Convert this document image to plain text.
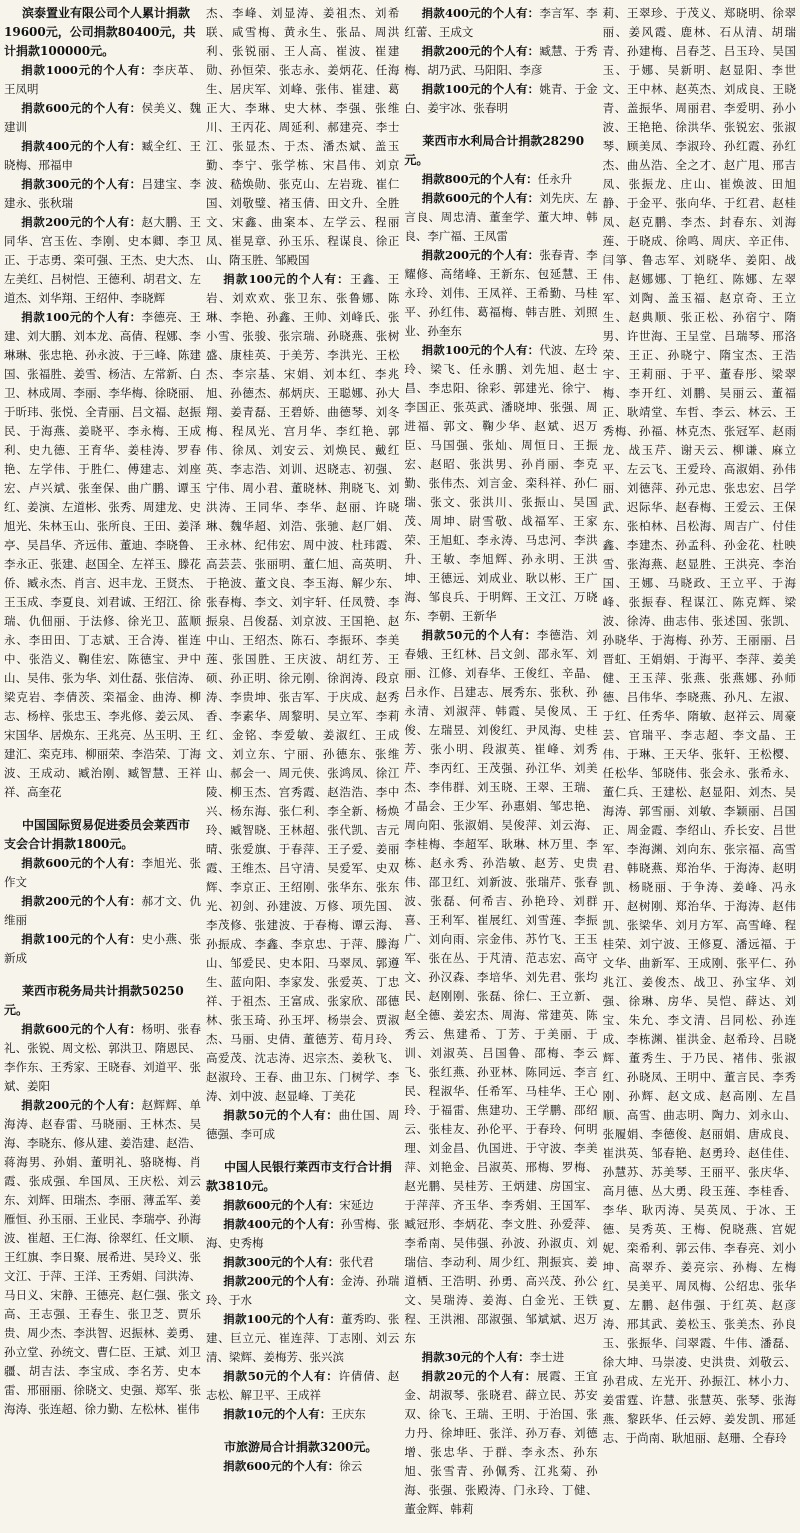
滨泰置业有限公司个人累计捐款19600元，公司捐款80400元，共计捐款100000元。

捐款1000元的个人有：李庆革、王凤明

捐款600元的个人有：侯美义、魏建训

捐款400元的个人有：臧全红、王晓梅、邢福申

捐款300元的个人有：吕建宝、李建永、张秋瑞

捐款200元的个人有：赵大鹏、王同华、宫玉佐、李刚、史本卿、李卫正、于志勇、栾可强、王杰、史大杰、左美红、吕树恺、王德利、胡君文、左道杰、刘华翔、王绍仲、李晓辉

捐款100元的个人有：李德亮、王建、刘大鹏、刘本龙、高倩、程娜、李琳琳、张忠艳、孙永波、于三峰、陈建国、张福胜、姜雪、杨洁、左常新、白卫、林成周、李丽、李华梅、徐晓丽、于昕玮、张悦、全青丽、吕文福、赵振民、于海燕、姜晓平、李永梅、王成利、史九德、王育华、姜桂涛、罗春艳、左学伟、于胜仁、傅建志、刘座宏、卢兴斌、张奎保、曲广鹏、谭玉红、姜演、左道彬、张秀、周建龙、史旭光、朱林玉山、张所良、王田、姜泽亭、吴昌华、齐远伟、董迪、李晓鲁、李永正、张建、赵国全、左祥玉、滕花侨、臧永杰、肖言、迟丰龙、王贤杰、王玉成、李夏良、刘君诚、王绍江、徐瑞、仇佃丽、于法修、徐光卫、蓝顺永、李田田、丁志斌、王合涛、崔连中、张浩义、鞠佳宏、陈德宝、尹中山、吴伟、张为华、刘仕磊、张信涛、梁克岩、李倩茨、栾福金、曲涛、柳志、杨梓、张忠玉、李兆修、姜云凤、宋国华、居焕东、王兆亮、丛玉明、王建汇、栾克玮、柳丽荣、李浩荣、丁海波、王成动、臧治刚、臧智慧、王祥祥、高奎花

中国国际贸易促进委员会莱西市支会合计捐款1800元。

捐款600元的个人有：李旭光、张作文

捐款200元的个人有：郝才文、仇维丽

捐款100元的个人有：史小燕、张新成

莱西市税务局共计捐款50250元。

捐款600元的个人有：杨明、张春礼、张锐、周文松、郭洪卫、隋恩民、李作东、王秀家、王晓春、刘道平、张斌、姜阳

捐款200元的个人有：赵辉辉、单海涛、赵春雷、马晓丽、王林杰、吴海、李晓东、修从建、姜浩建、赵浩、蒋海男、孙娟、董明礼、骆晓梅、肖霞、张成强、牟国凤、王庆松、刘云东、刘辉、田瑞杰、李丽、薄孟军、姜雁恒、孙玉丽、王业民、李瑞亭、孙海波、崔超、王仁海、徐翠红、任文顺、王红旗、李日聚、展希进、吴玲义、张文江、于萍、王洋、王秀娟、闫洪涛、马日义、宋静、王德亮、赵仁强、张文高、王志强、王春生、张卫芝、贾乐贵、周少杰、李洪智、迟振林、姜勇、孙立堂、孙统文、曹仁臣、王斌、刘卫疆、胡吉法、李宝成、李名芳、史本雷、邢丽丽、徐晓文、史强、郑军、张海涛、张连超、徐力勤、左松林、崔伟

杰、李峰、刘显涛、姜祖杰、刘希联、咸雪梅、黄永生、张品、周洪利、张锐丽、王人高、崔波、崔建勋、孙恒荣、张志永、姜炳花、任海生、居庆军、刘峰、张伟、崔建、葛正大、李琳、史大林、李强、张维川、王丙花、周延利、郝建亮、李士江、张显杰、于杰、潘杰斌、盖玉勤、李宁、张学栋、宋昌伟、刘京波、嵇焕勋、张克山、左岩珑、崔仁国、刘敬璧、褚玉倩、田文升、全胜文、宋鑫、曲案本、左学云、程丽凤、崔晃章、孙玉乐、程谋良、徐正山、隋玉胜、邹殿国

捐款100元的个人有：王鑫、王岩、刘欢欢、张卫东、张鲁娜、陈琳、李艳、孙鑫、王帅、刘峰氏、张小雪、张骏、张宗瑞、孙晓燕、张树盛、康桂英、于美芳、李洪光、王松杰、李宗基、宋娟、刘本红、李兆旭、孙德杰、郝炳庆、王聪娜、孙大翔、姜青磊、王碧娇、曲德琴、刘冬梅、程凤光、宫月华、李红艳、郭伟、徐凤、刘安云、刘焕民、戴红英、李志浩、刘训、迟晓志、初强、宁伟、周小君、董晓林、荆晓飞、刘洪涛、王同华、李华、赵丽、许晓琳、魏华超、刘浩、张驰、赵厂娟、王永林、纪伟宏、周中波、杜玮霞、高芸芸、张丽明、董仁旭、高英明、于艳波、董文良、李玉海、解少东、张春梅、李文、刘宇轩、任凤赞、李振泉、吕俊磊、刘京波、王国艳、赵中山、王绍杰、陈石、李振环、李美莲、张国胜、王庆波、胡红芳、王硕、孙正明、徐元刚、徐润涛、段京涛、李贵坤、张吉军、于庆成、赵秀香、李素华、周黎明、吴立军、李莉红、金铭、李爱敏、姜淑红、王成文、刘立东、宁丽、孙德东、张维山、郝会一、周元侠、张鸿凤、徐江陵、柳玉杰、宫秀霞、赵浩浩、李中兴、杨东海、张仁利、李全新、杨焕玲、臧智晓、王林超、张代凯、吉元晴、张爱旗、于春萍、王子爱、姜丽霞、王维杰、吕守清、吴爱军、史双辉、李京正、王绍刚、张华东、张东光、初剑、孙建波、万修、项先国、李茂修、张建波、于春梅、谭云海、孙振成、李鑫、李京忠、于萍、滕海山、邹爱民、史本阳、马翠凤、郭遵生、蓝向阳、李家发、张爱英、丁忠祥、于祖杰、王富成、张家欣、邵德林、张玉琦、孙玉坪、杨崇会、贾淑杰、马丽、史倩、董德芳、荀月玲、高爱茂、沈志涛、迟宗杰、姜秋飞、赵淑玲、王春、曲卫东、门树学、李涛、刘中波、赵显峰、丁美花

捐款50元的个人有：曲仕国、周德强、李可成

中国人民银行莱西市支行合计捐款3810元。

捐款600元的个人有：宋延边

捐款400元的个人有：孙雪梅、张海、史秀梅

捐款300元的个人有：张代君

捐款200元的个人有：金涛、孙瑞玲、于水

捐款100元的个人有：董秀昀、张建、巨立元、崔连萍、丁志刚、刘云清、梁辉、姜梅芳、张兴滨

捐款50元的个人有：许倩倩、赵志松、解卫平、王成祥

捐款10元的个人有：王庆东

市旅游局合计捐款3200元。

捐款600元的个人有：徐云

捐款400元的个人有：李言军、李红蕾、王成文

捐款200元的个人有：臧慧、于秀梅、胡乃武、马阳阳、李彦

捐款100元的个人有：姚青、于金白、姜宇冰、张春明

莱西市水利局合计捐款28290元。

捐款800元的个人有：任永升

捐款600元的个人有：刘先庆、左言良、周忠清、董奎学、董大坤、韩良、李广福、王凤雷

捐款200元的个人有：张春青、李耀修、高绪峰、王新东、包延慧、王永玲、刘伟、王凤祥、王希勤、马桂平、孙红伟、葛福梅、韩吉胜、刘照业、孙奎东

捐款100元的个人有：代波、左玲玲、梁飞、任永鹏、刘先旭、赵士昌、李忠阳、徐彩、郭建光、徐宁、李国正、张英武、潘晓坤、张强、周进福、郭文、鞠少华、赵斌、迟万臣、马国强、张灿、周恒日、王振宏、赵昭、张洪男、孙肖丽、李克勤、张伟杰、刘言金、栾科祥、孙仁瑞、张文、张洪川、张振山、吴国茂、周坤、尉雪敬、战福军、王家荣、王旭虹、李永涛、马忠河、李洪升、王敏、李旭辉、孙永明、王洪坤、王德远、刘成业、耿以彬、王广海、邹良兵、于明辉、王文江、万晓东、李朝、王新华

捐款50元的个人有：李德浩、刘春娥、王红林、吕文剑、邵永军、刘丽、江修、刘春华、王俊红、辛晶、吕永作、吕建志、展秀东、张秋、孙永清、刘淑萍、韩霞、吴俊凤、王俊、左瑞昱、刘俊红、尹凤海、史桂芳、张小明、段淑英、崔峰、刘秀芹、李丙红、王茂强、孙江华、刘美杰、李伟群、刘玉晓、王翠、王瑞、才晶会、王少军、孙惠娟、邹忠艳、周向阳、张淑娟、吴俊萍、刘云海、李桂梅、李超军、耿琳、林万里、李栋、赵永秀、孙浩敏、赵芳、史贵伟、邵卫红、刘新波、张瑞芹、张春波、张磊、何希吉、孙艳玲、刘群喜、王利军、崔展红、刘雪莲、李振广、刘向雨、宗金伟、苏竹飞、王玉军、张在丛、于芃清、范志宏、高守文、孙汉森、李培华、刘先君、张均民、赵刚刚、张磊、徐仁、王立新、赵全德、姜宏杰、周海、常建英、陈秀云、焦建希、丁芳、于美丽、于训、刘淑英、吕国鲁、邵梅、李云飞、张红燕、孙亚林、陈同远、李言民、程淑华、任希军、马桂华、王心玲、于福雷、焦建功、王学鹏、邵绍云、张桂友、孙伦平、于春玲、何明理、刘金昌、仇国进、于守波、李美萍、刘艳金、吕淑英、邢梅、罗梅、赵光鹏、吴桂芳、王炳建、房国宝、于萍萍、齐玉华、李秀娟、王国军、臧冠形、李炳花、李文胜、孙爱萍、李希南、吴伟强、孙波、孙淑贞、刘瑞信、李动利、周少红、荆振宾、姜道栖、王浩明、孙勇、高兴茂、孙公文、吴瑞涛、姜海、白金光、王铁程、王洪湘、邵淑强、邹斌斌、迟万东

捐款30元的个人有：李士进

捐款20元的个人有：展霞、王宜金、胡淑琴、张晓君、薛立民、苏安双、徐飞、王瑞、王明、于治国、张力丹、徐坤旺、张洋、孙万春、刘德增、张忠华、于群、李永杰、孙东旭、张雪青、孙佩秀、江兆菊、孙海、张强、张殿涛、门永玲、丁健、董金辉、韩莉

莉、王翠珍、于茂义、郑晓明、徐翠丽、姜风霞、鹿林、石从清、胡瑞青、孙建梅、吕春芝、吕玉玲、吴国玉、于娜、吴新明、赵显阳、李世文、王中林、赵英杰、刘成良、王晓青、盖振华、周丽君、李爱明、孙小波、王艳艳、徐洪华、张锐宏、张淑琴、顾美凤、李淑玲、孙红霞、孙红杰、曲丛浩、全之才、赵广甩、邢吉凤、张振龙、庄山、崔焕波、田旭静、于金平、张向华、于红君、赵桂凤、赵克鹏、李杰、封春东、刘海莲、于晓成、徐鸣、周庆、辛正伟、闫箏、鲁志军、刘晓华、姜阳、战伟、赵娜娜、丁艳红、陈娜、左翠军、刘陶、盖玉福、赵京奇、王立生、赵典顺、张正松、孙宿宁、隋男、许世海、王呈堂、吕瑞琴、邢洛荣、王正、孙晓宁、隋宝杰、王浩宇、王莉丽、于平、董春彤、梁翠梅、李开红、刘鹏、吴丽云、董福正、耿靖堂、车哲、李云、林云、王秀梅、孙福、林克杰、张冠军、赵雨龙、战玉芹、谢天云、柳谦、麻立平、左云飞、王爱玲、高淑娟、孙伟丽、刘德萍、孙元忠、张忠宏、吕学武、迟际华、赵春梅、王爱云、王保东、张柏林、吕松海、周吉广、付佳鑫、李建杰、孙孟科、孙金花、杜映雪、张海燕、赵显胜、王洪亮、李治国、王娜、马晓政、王立平、于海峰、张振春、程谋江、陈克辉、梁波、徐涛、曲志伟、张述国、张凯、孙晓华、于海梅、孙芳、王丽丽、吕晋虹、王娟娟、于海平、李萍、姜美健、王玉萍、张燕、张燕娜、孙师德、吕伟华、李晓燕、孙凡、左淑、于红、任秀华、隋敏、赵祥云、周豪芸、官瑞平、李志超、李文晶、王伟、于琳、王天华、张轩、王松樱、任松华、邹晓伟、张会永、张希永、董仁兵、王建松、赵显阳、刘杰、吴海涛、郭雪丽、刘敏、李颖丽、吕国正、周金霞、李绍山、乔长安、吕世军、李海渊、刘向东、张宗福、高雪君、韩晓燕、郑治华、于海涛、赵明凯、杨晓丽、于争涛、姜峰、冯永开、赵树刚、郑治华、于海涛、赵伟凯、张梁华、刘月方军、高雪峰、程桂荣、刘宁波、王修夏、潘远福、于文华、曲新军、王成刚、张平仁、孙兆江、姜俊杰、战卫、孙宝华、刘强、徐琳、房华、吴恺、薛达、刘宝、朱允、李文清、吕同松、孙连成、李栋渊、崔洪金、赵希玲、吕晓辉、董秀生、于乃民、褚伟、张淑红、孙晓凤、王明中、董言民、李秀刚、孙辉、赵文成、赵高刚、左昌顺、高雪、曲志明、陶力、刘永山、张履娟、李德俊、赵丽娟、唐成良、崔洪英、邹春艳、赵勇玲、赵佳佳、孙慧苏、苏美琴、王丽平、张庆华、高月德、丛大勇、段玉莲、李桂香、李华、耿丙涛、吴英凤、于冰、王德、吴秀英、王梅、倪晓燕、宫妮妮、栾希利、郭云伟、李春亮、刘小坤、高翠乔、姜亮宗、孙梅、左梅红、吴美平、周凤梅、公绍忠、张华夏、左鹏、赵伟强、于红英、赵彦涛、邢其武、姜松玉、张美杰、孙良玉、张振华、闫翠霞、牛伟、潘磊、徐大坤、马崇凌、史洪贵、刘敬云、孙君成、左光开、孙振江、林小力、姜雷霆、许慧、张慧英、张琴、张海燕、黎跃华、任云婷、姜发凯、邢延志、于尚南、耿旭丽、赵珊、仝春玲
